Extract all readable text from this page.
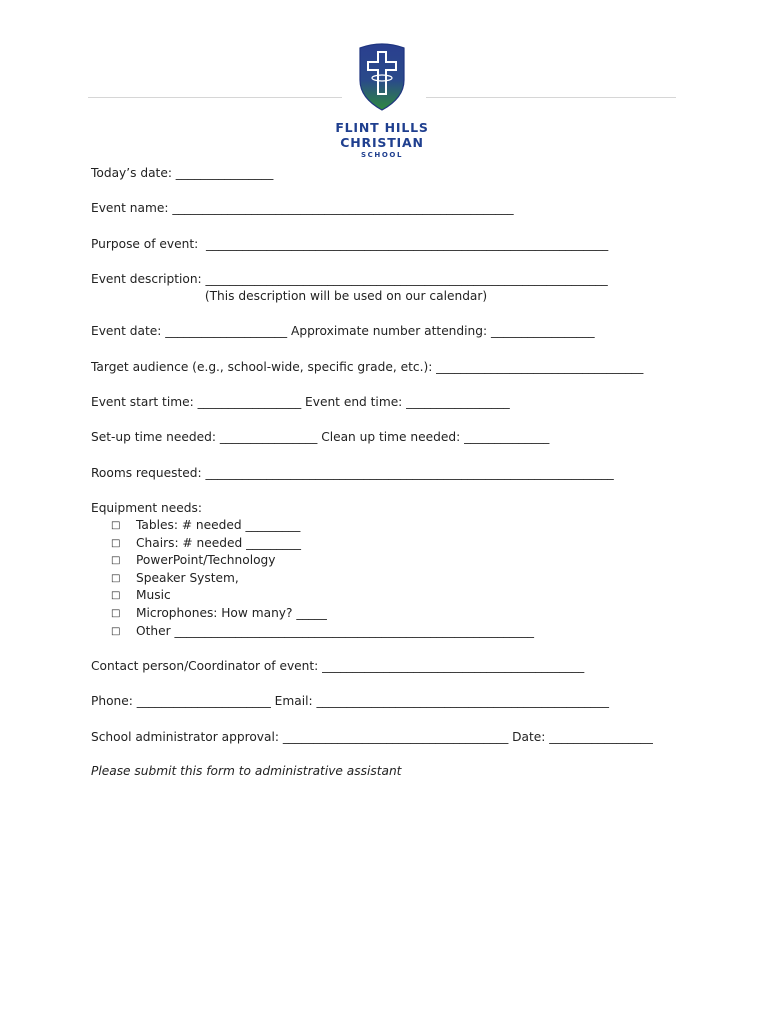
FLINT HILLS
CHRISTIAN
SCHOOL
Today’s date: ________________
Event name: ________________________________________________________
Purpose of event:  __________________________________________________________________
Event description: __________________________________________________________________
(This description will be used on our calendar)
Event date: ____________________ Approximate number attending: _________________
Target audience (e.g., school-wide, specific grade, etc.): __________________________________
Event start time: _________________ Event end time: _________________
Set-up time needed: ________________ Clean up time needed: ______________
Rooms requested: ___________________________________________________________________
Equipment needs:
□	Tables: # needed _________
□	Chairs: # needed _________
□	PowerPoint/Technology
□	Speaker System,
□	Music
□	Microphones: How many? _____
□	Other ___________________________________________________________
Contact person/Coordinator of event: ___________________________________________
Phone: ______________________ Email: ________________________________________________
School administrator approval: _____________________________________ Date: _________________
Please submit this form to administrative assistant
